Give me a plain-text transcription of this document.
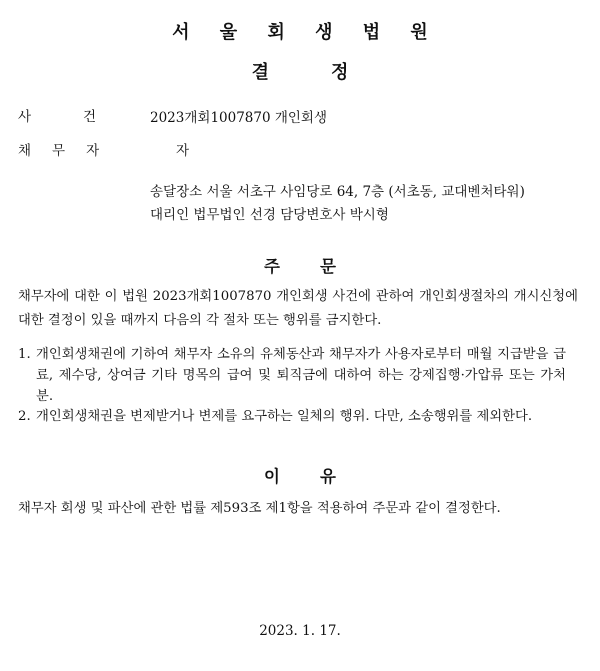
서 울 회 생 법 원
결정
사건 2023개회1007870 개인회생
채무자	자
송달장소 서울 서초구 사임당로 64, 7층 (서초동, 교대벤처타워)
대리인 법무법인 선경 담당변호사 박시형
주문
채무자에 대한 이 법원 2023개회1007870 개인회생 사건에 관하여 개인회생절차의 개시신청에 대한 결정이 있을 때까지 다음의 각 절차 또는 행위를 금지한다.
1. 개인회생채권에 기하여 채무자 소유의 유체동산과 채무자가 사용자로부터 매월 지급받을 급료, 제수당, 상여금 기타 명목의 급여 및 퇴직금에 대하여 하는 강제집행·가압류 또는 가처분.
2. 개인회생채권을 변제받거나 변제를 요구하는 일체의 행위. 다만, 소송행위를 제외한다.
이유
채무자 회생 및 파산에 관한 법률 제593조 제1항을 적용하여 주문과 같이 결정한다.
2023. 1. 17.
